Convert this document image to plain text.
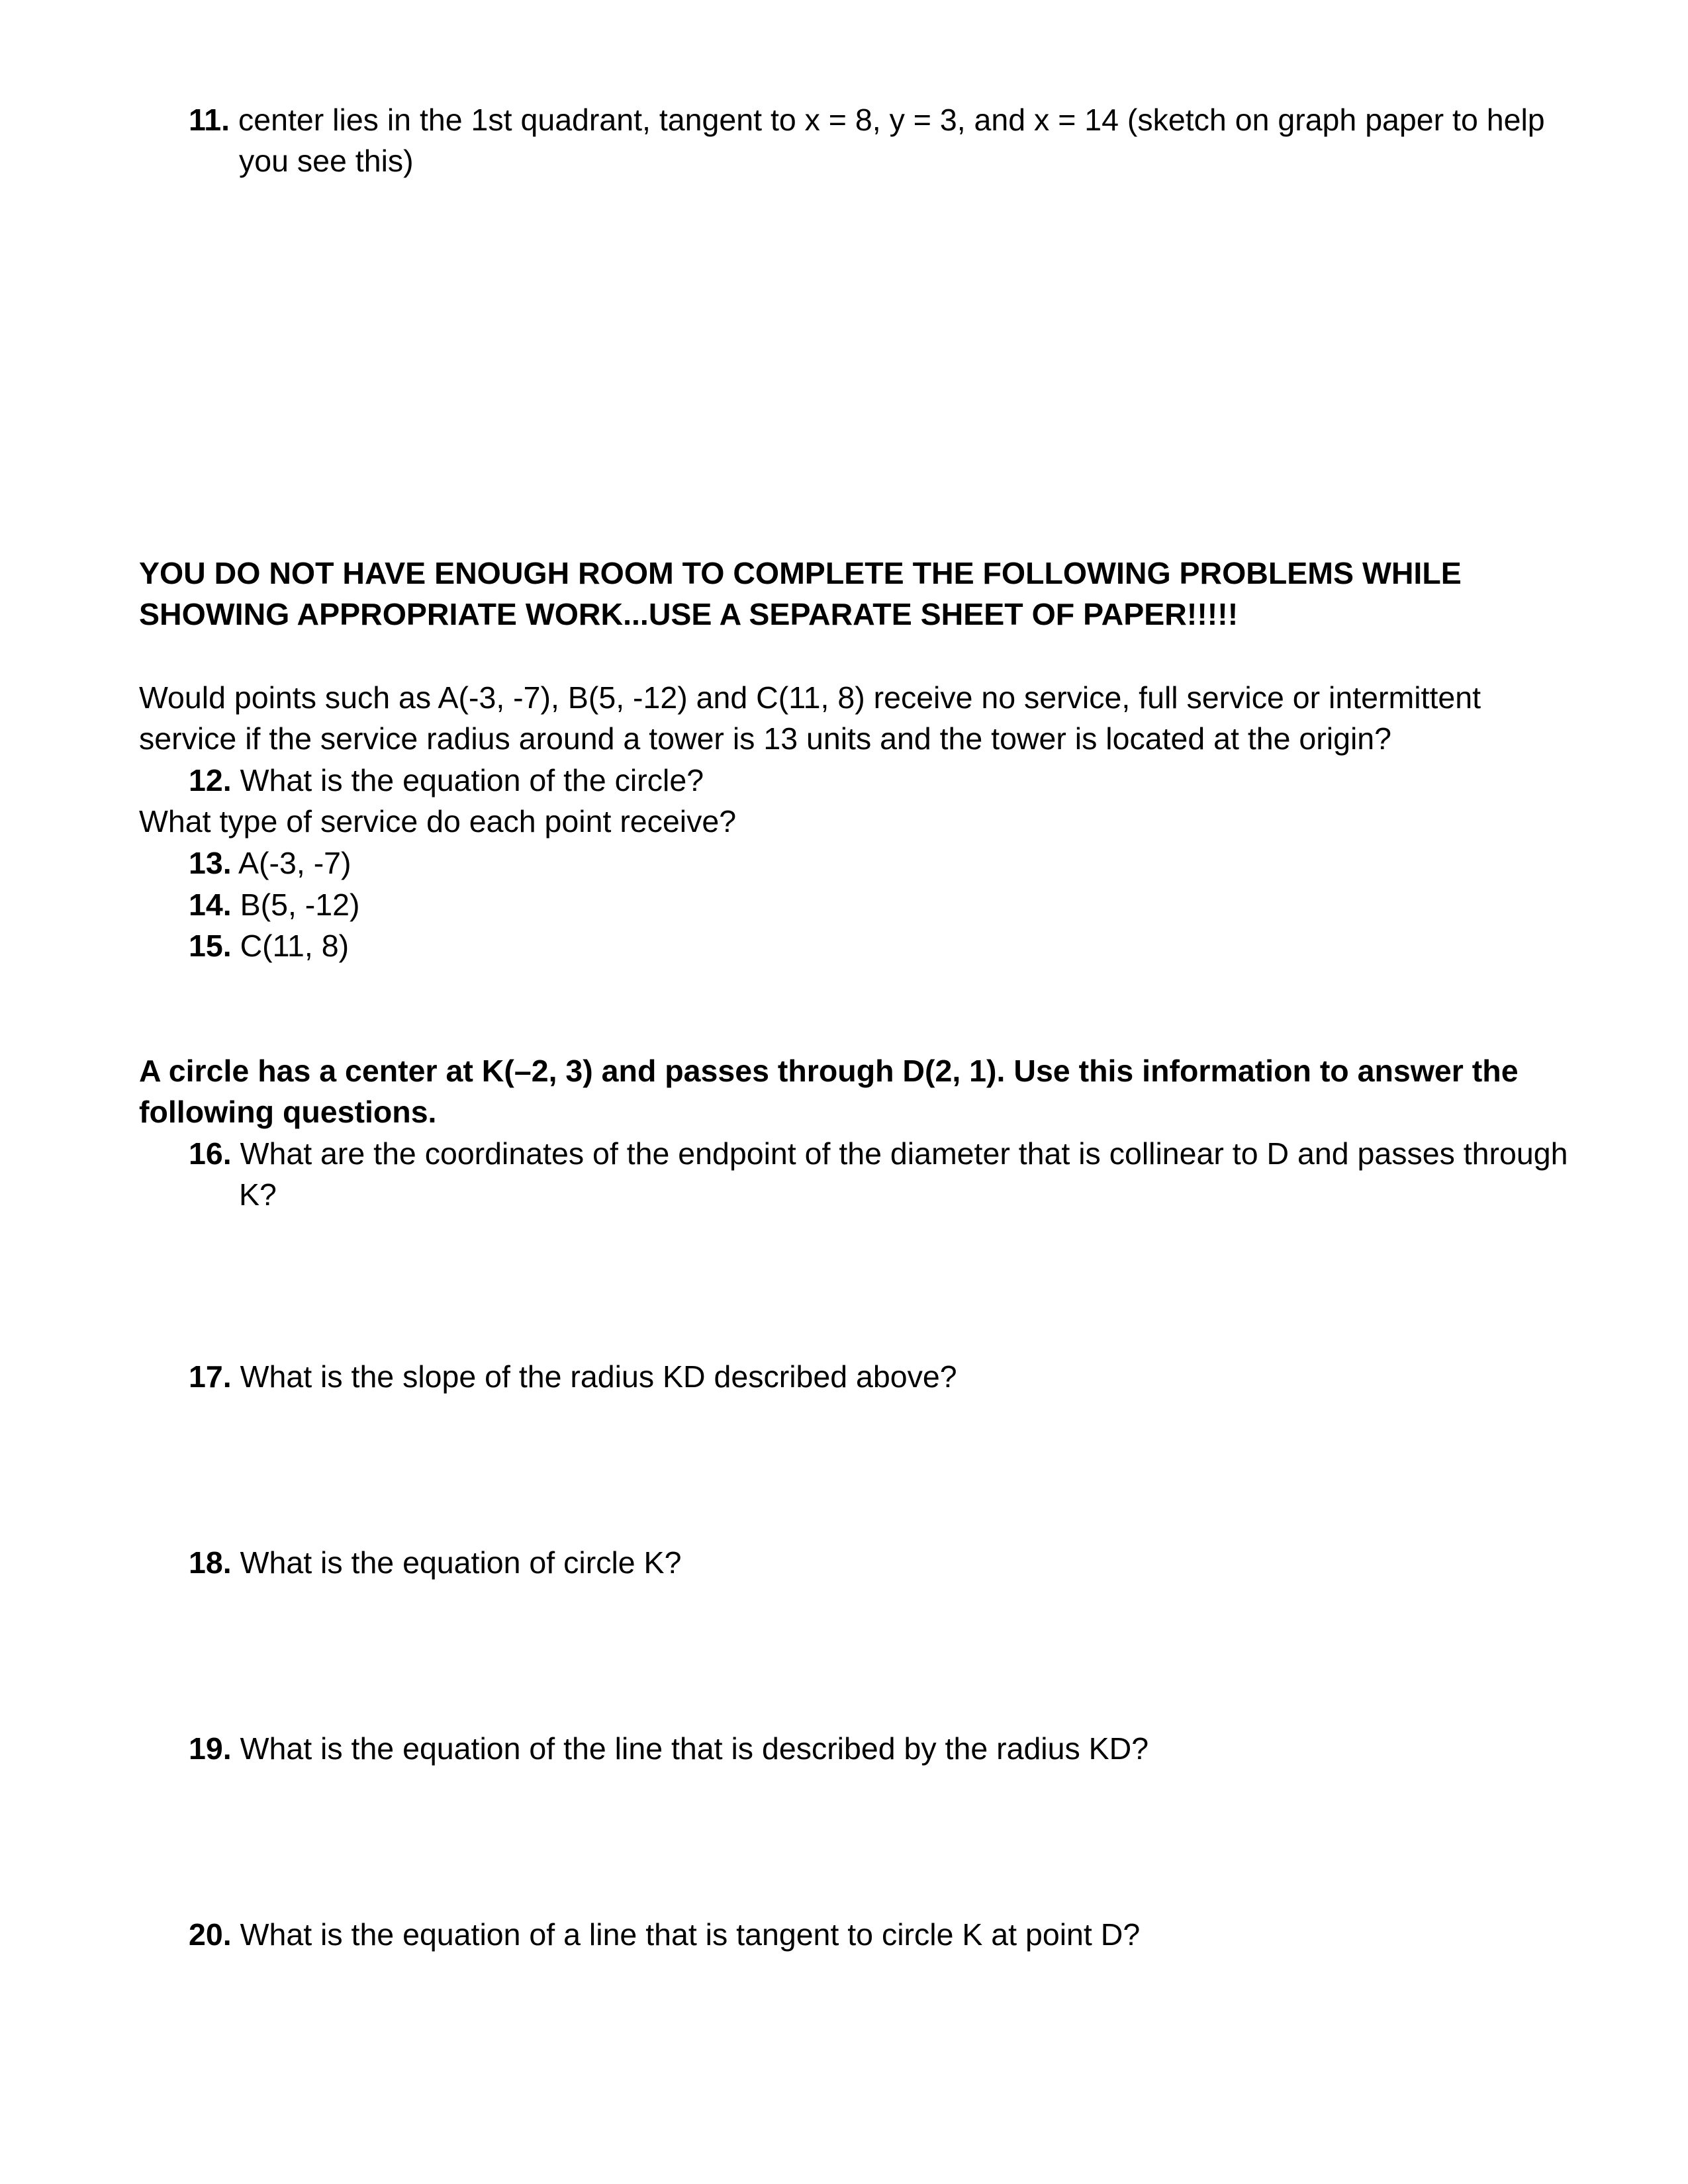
11. center lies in the 1st quadrant, tangent to x = 8, y = 3, and x = 14 (sketch on graph paper to help
you see this)
YOU DO NOT HAVE ENOUGH ROOM TO COMPLETE THE FOLLOWING PROBLEMS WHILE
SHOWING APPROPRIATE WORK...USE A SEPARATE SHEET OF PAPER!!!!!
Would points such as A(-3, -7), B(5, -12) and C(11, 8) receive no service, full service or intermittent
service if the service radius around a tower is 13 units and the tower is located at the origin?
12. What is the equation of the circle?
What type of service do each point receive?
13. A(-3, -7)
14. B(5, -12)
15. C(11, 8)
A circle has a center at K(–2, 3) and passes through D(2, 1). Use this information to answer the
following questions.
16. What are the coordinates of the endpoint of the diameter that is collinear to D and passes through
K?
17. What is the slope of the radius KD described above?
18. What is the equation of circle K?
19. What is the equation of the line that is described by the radius KD?
20. What is the equation of a line that is tangent to circle K at point D?
